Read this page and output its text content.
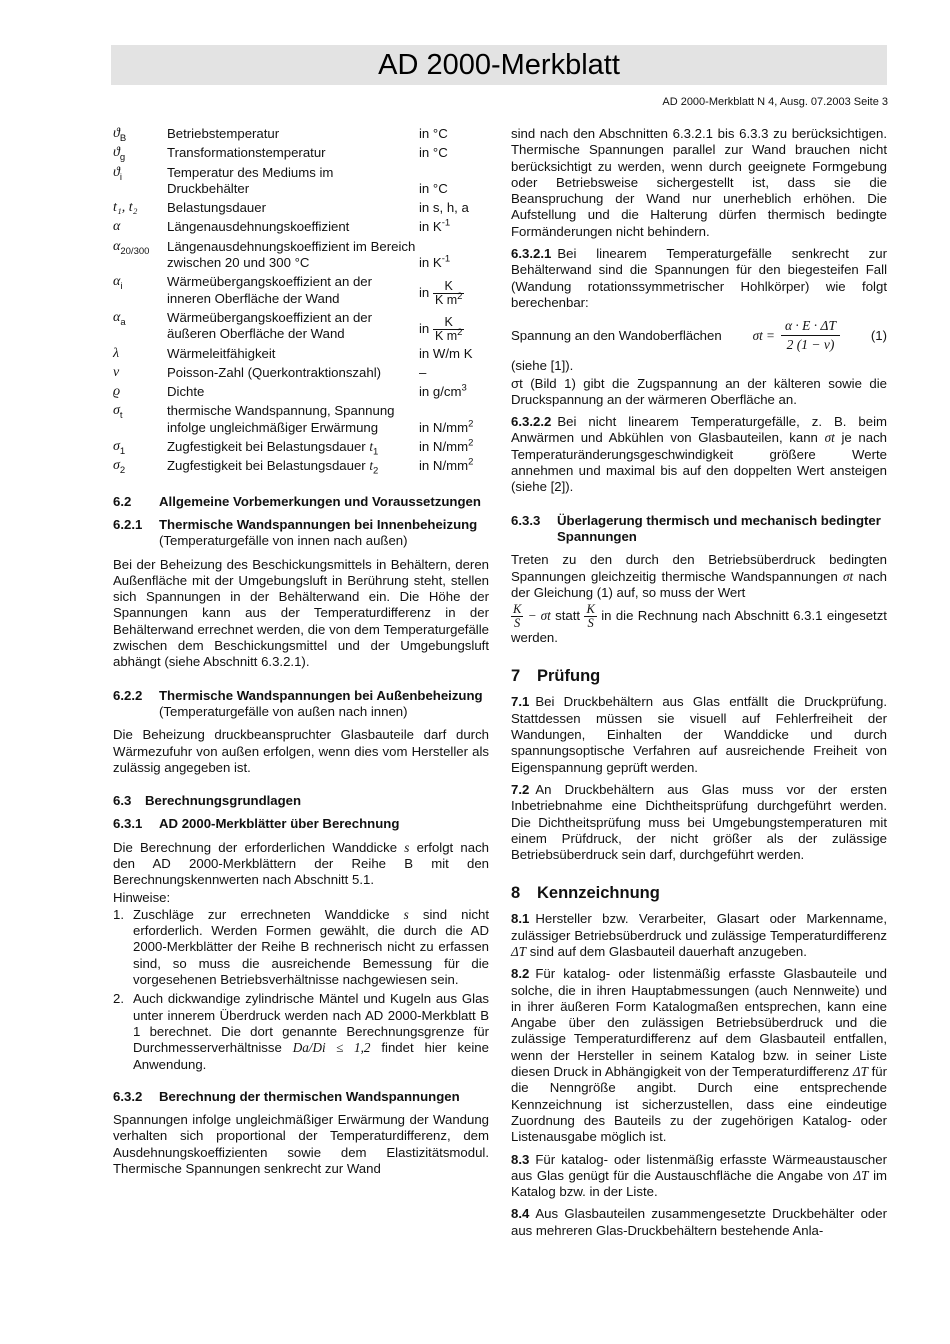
AD 2000-Merkblatt
AD 2000-Merkblatt N 4, Ausg. 07.2003 Seite 3
$ϑ_B$	Betriebstemperatur	in °C
$ϑ_g$	Transformationstemperatur	in °C
$ϑ_i$	Temperatur des Mediums im Druckbehälter	in °C
t₁, t₂	Belastungsdauer	in s, h, a
α	Längenausdehnungskoeffizient	in $K^{-1}$
$\alpha_{20/300}$	Längenausdehnungskoeffizient im Bereich zwischen 20 und 300 °C	in $K^{-1}$
$\alpha_i$	Wärmeübergangskoeffizient an der inneren Oberfläche der Wand	in $\frac{K}{K m^2}$

$\alpha_a$	Wärmeübergangskoeffizient an der äußeren Oberfläche der Wand	in $\frac{K}{K m^2}$

λ	Wärmeleitfähigkeit	in W/m K
ν	Poisson-Zahl (Querkontraktionszahl)	–
ϱ	Dichte	in $g/cm^3$
$\sigma_t$	thermische Wandspannung, Spannung infolge ungleichmäßiger Erwärmung	in $N/mm^2$
$\sigma_1$	Zugfestigkeit bei Belastungsdauer $t_1$	in $N/mm^2$
$\sigma_2$	Zugfestigkeit bei Belastungsdauer $t_2$	in $N/mm^2$
6.2 Allgemeine Vorbemerkungen und Voraussetzungen
6.2.1	Thermische Wandspannungen bei Innenbeheizung
(Temperaturgefälle von innen nach außen)

Bei der Beheizung des Beschickungsmittels in Behältern, deren Außenfläche mit der Umgebungsluft in Berührung steht, stellen sich Spannungen in der Behälterwand ein. Die Höhe der Spannungen kann aus der Temperaturdifferenz in der Behälterwand errechnet werden, die von dem Temperaturgefälle zwischen dem Beschickungsmittel und der Umgebungsluft abhängt (siehe Abschnitt 6.3.2.1).

6.2.2	Thermische Wandspannungen bei Außenbeheizung
(Temperaturgefälle von außen nach innen)

Die Beheizung druckbeanspruchter Glasbauteile darf durch Wärmezufuhr von außen erfolgen, wenn dies vom Hersteller als zulässig angegeben ist.

6.3 Berechnungsgrundlagen
6.3.1 AD 2000-Merkblätter über Berechnung

Die Berechnung der erforderlichen Wanddicke s erfolgt nach den AD 2000-Merkblättern der Reihe B mit den Berechnungskennwerten nach Abschnitt 5.1.

Hinweise:

1. Zuschläge zur errechneten Wanddicke s sind nicht erforderlich. Werden Formen gewählt, die durch die AD 2000-Merkblätter der Reihe B rechnerisch nicht zu erfassen sind, so muss die ausreichende Bemessung für die vorgesehenen Betriebsverhältnisse nachgewiesen sein.
2. Auch dickwandige zylindrische Mäntel und Kugeln aus Glas unter innerem Überdruck werden nach AD 2000-Merkblatt B 1 berechnet. Die dort genannte Berechnungsgrenze für Durchmesserverhältnisse Da/Di ≤ 1,2 findet hier keine Anwendung.
6.3.2 Berechnung der thermischen Wandspannungen

Spannungen infolge ungleichmäßiger Erwärmung der Wandung verhalten sich proportional der Temperaturdifferenz, dem Ausdehnungskoeffizienten sowie dem Elastizitätsmodul. Thermische Spannungen senkrecht zur Wand

sind nach den Abschnitten 6.3.2.1 bis 6.3.3 zu berücksichtigen. Thermische Spannungen parallel zur Wand brauchen nicht berücksichtigt zu werden, wenn durch geeignete Formgebung oder Betriebsweise sichergestellt ist, dass sie die Beanspruchung der Wand nur unerheblich erhöhen. Die Aufstellung und die Halterung dürfen thermisch bedingte Formänderungen nicht behindern.

6.3.2.1 Bei linearem Temperaturgefälle senkrecht zur Behälterwand sind die Spannungen für den biegesteifen Fall (Wandung rotationssymmetrischer Hohlkörper) wie folgt berechenbar:

Spannung an den Wandoberflächen $\sigma t = \frac{\alpha \cdot E \cdot \Delta T}{2 (1 - \nu)} (1)$

(siehe [1]).

σt (Bild 1) gibt die Zugspannung an der kälteren sowie die Druckspannung an der wärmeren Oberfläche an.

6.3.2.2 Bei nicht linearem Temperaturgefälle, z. B. beim Anwärmen und Abkühlen von Glasbauteilen, kann σt je nach Temperaturänderungsgeschwindigkeit größere Werte annehmen und maximal bis auf den doppelten Wert ansteigen (siehe [2]).

6.3.3	Überlagerung thermisch und mechanisch bedingter Spannungen

Treten zu den durch den Betriebsüberdruck bedingten Spannungen gleichzeitig thermische Wandspannungen σt nach der Gleichung (1) auf, so muss der Wert

$\frac{K}{S} - \sigma t$ statt $\frac{K}{S}$ in die Rechnung nach Abschnitt 6.3.1 eingesetzt werden.

7 Prüfung

7.1 Bei Druckbehältern aus Glas entfällt die Druckprüfung. Stattdessen müssen sie visuell auf Fehlerfreiheit der Wandungen, Einhalten der Wanddicke und durch spannungsoptische Verfahren auf ausreichende Freiheit von Eigenspannung geprüft werden.

7.2 An Druckbehältern aus Glas muss vor der ersten Inbetriebnahme eine Dichtheitsprüfung durchgeführt werden. Die Dichtheitsprüfung muss bei Umgebungstemperaturen mit einem Prüfdruck, der nicht größer als der zulässige Betriebsüberdruck sein darf, durchgeführt werden.

8 Kennzeichnung

8.1 Hersteller bzw. Verarbeiter, Glasart oder Markenname, zulässiger Betriebsüberdruck und zulässige Temperaturdifferenz ΔT sind auf dem Glasbauteil dauerhaft anzugeben.

8.2 Für katalog- oder listenmäßig erfasste Glasbauteile und solche, die in ihren Hauptabmessungen (auch Nennweite) und in ihrer äußeren Form Katalogmaßen entsprechen, kann eine Angabe über den zulässigen Betriebsüberdruck und die zulässige Temperaturdifferenz auf dem Glasbauteil entfallen, wenn der Hersteller in seinem Katalog bzw. in seiner Liste diesen Druck in Abhängigkeit von der Temperaturdifferenz ΔT für die Nenngröße angibt. Durch eine entsprechende Kennzeichnung ist sicherzustellen, dass eine eindeutige Zuordnung des Bauteils zu der zugehörigen Katalog- oder Listenausgabe möglich ist.

8.3 Für katalog- oder listenmäßig erfasste Wärmeaustauscher aus Glas genügt für die Austauschfläche die Angabe von ΔT im Katalog bzw. in der Liste.

8.4 Aus Glasbauteilen zusammengesetzte Druckbehälter oder aus mehreren Glas-Druckbehältern bestehende Anla-
